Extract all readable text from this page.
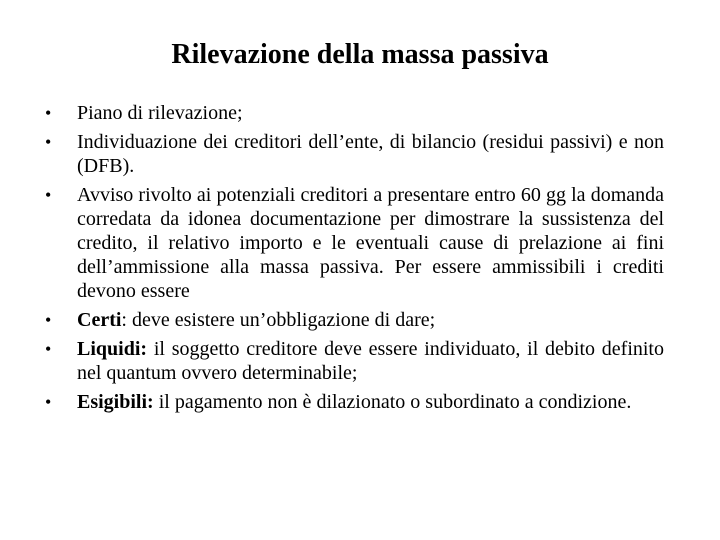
Rilevazione della massa passiva
• Piano di rilevazione;
• Individuazione dei creditori dell’ente, di bilancio (residui passivi) e non (DFB).
• Avviso rivolto ai potenziali creditori a presentare entro 60 gg la domanda corredata da idonea documentazione per dimostrare la sussistenza del credito, il relativo importo e le eventuali cause di prelazione ai fini dell’ammissione alla massa passiva. Per essere ammissibili i crediti devono essere
• Certi: deve esistere un’obbligazione di dare;
• Liquidi: il soggetto creditore deve essere individuato, il debito definito nel quantum ovvero determinabile;
• Esigibili: il pagamento non è dilazionato o subordinato a condizione.
